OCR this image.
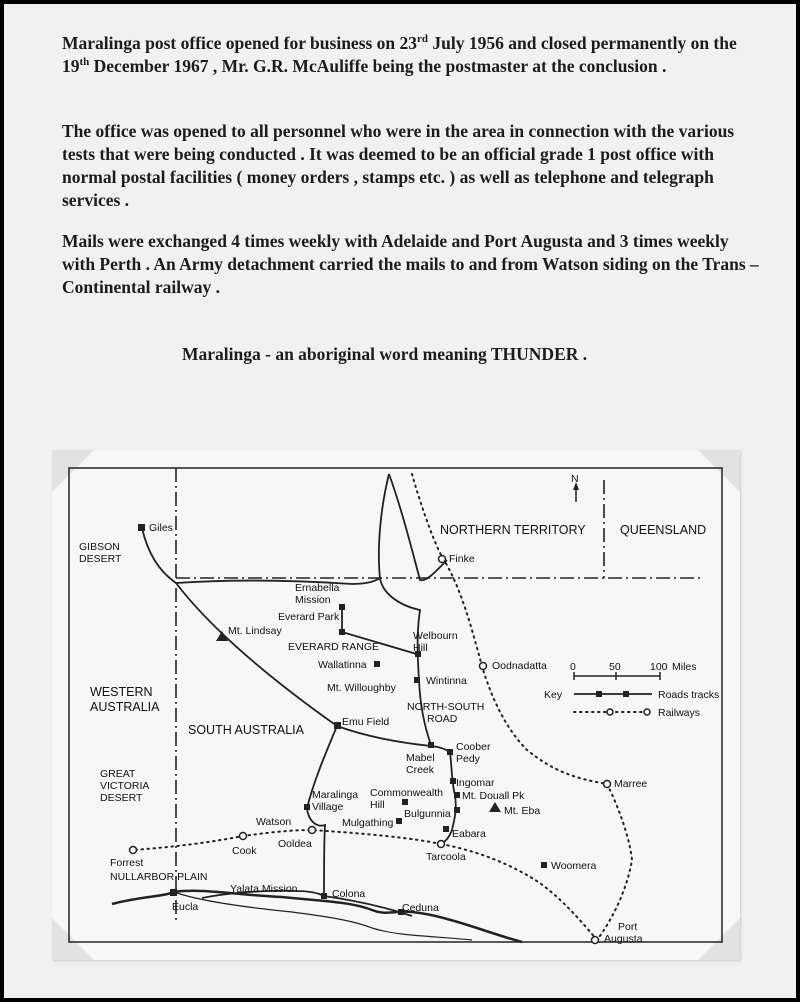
Maralinga post office opened for business on 23rd July 1956 and closed permanently on the 19th December 1967 , Mr. G.R. McAuliffe being the postmaster at the conclusion .

The office was opened to all personnel who were in the area in connection with the various tests that were being conducted . It was deemed to be an official grade 1 post office with normal postal facilities ( money orders , stamps etc. ) as well as telephone and telegraph services .

Mails were exchanged 4 times weekly with Adelaide and Port Augusta and 3 times weekly with Perth . An Army detachment carried the mails to and from Watson siding on the Trans – Continental railway .

Maralinga - an aboriginal word meaning THUNDER .

N
0	50	100 Miles
Key	Roads tracks
Railways
NORTHERN TERRITORY	QUEENSLAND
WESTERN
AUSTRALIA
SOUTH AUSTRALIA
GIBSON
DESERT
GREAT
VICTORIA
DESERT
NULLARBOR PLAIN
EVERARD RANGE
NORTH-SOUTH
ROAD
Giles
Finke
Ernabella
Mission
Everard Park
Mt. Lindsay	Welbourn
Hill
Wallatinna
Wintinna
Oodnadatta
Mt. Willoughby
Emu Field
Coober
Pedy
Mabel
Creek
Ingomar
Mt. Douall Pk
Mt. Eba
Commonwealth
Hill
Bulgunnia
Mulgathing
Maralinga
Village
Watson
Eabara
Tarcoola
Marree
Forrest
Cook
Ooldea
Woomera
Yalata Mission	Colona
Eucla	Ceduna
Port
Augusta
